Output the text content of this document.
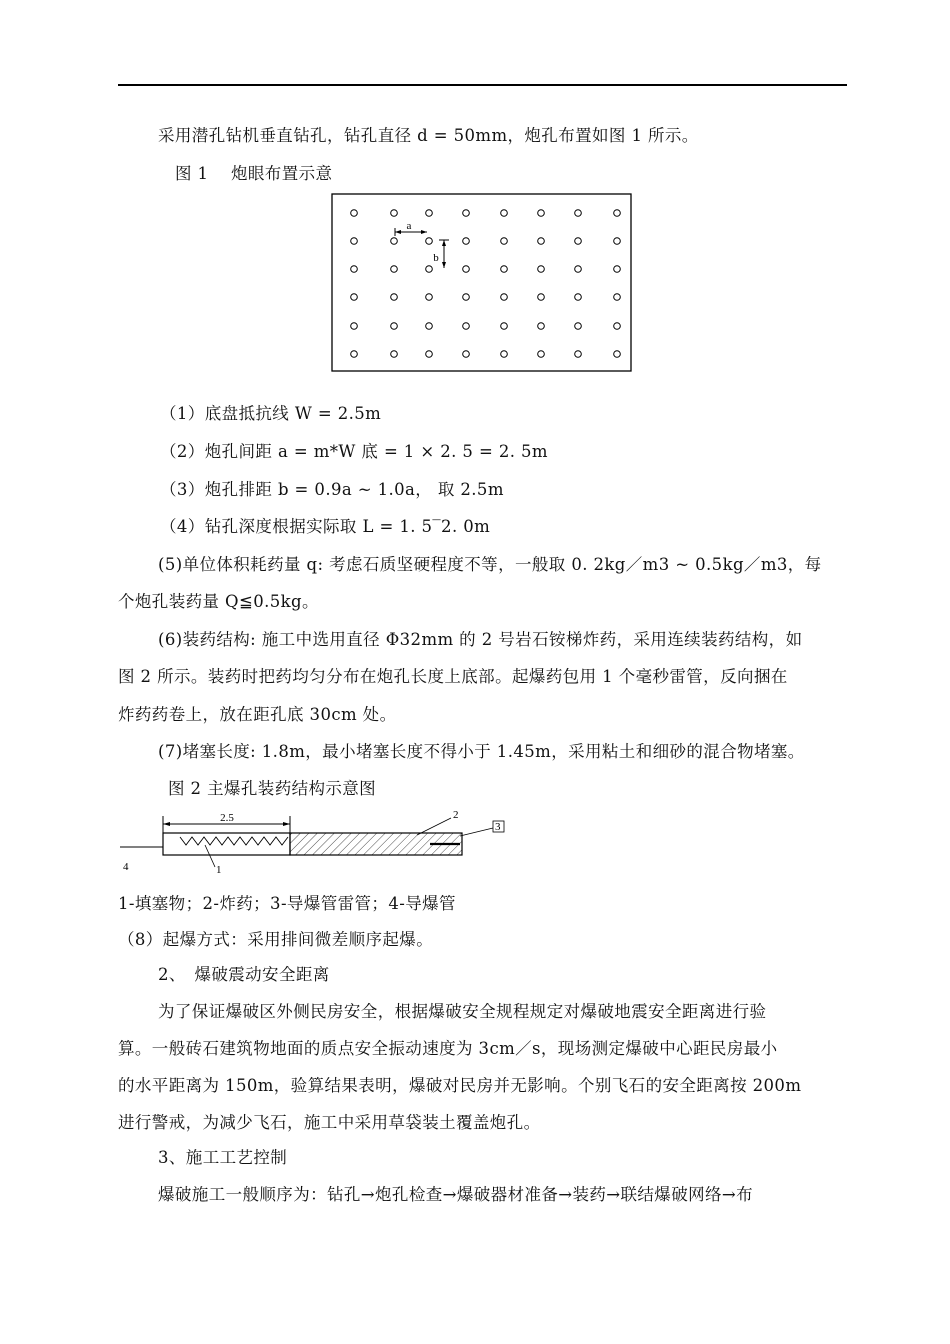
采用潜孔钻机垂直钻孔，钻孔直径 d = 50mm，炮孔布置如图 1 所示。
图 1　 炮眼布置示意
a
b
（1）底盘抵抗线 W = 2.5m
（2）炮孔间距 a = m*W 底 = 1 × 2. 5 = 2. 5m
（3）炮孔排距 b = 0.9a ~ 1.0a， 取 2.5m
（4）钻孔深度根据实际取 L = 1. 5‾2. 0m
(5)单位体积耗药量 q: 考虑石质坚硬程度不等，一般取 0. 2kg／m3 ~ 0.5kg／m3，每
个炮孔装药量 Q≦0.5kg。
(6)装药结构: 施工中选用直径 Φ32mm 的 2 号岩石铵梯炸药，采用连续装药结构，如
图 2 所示。装药时把药均匀分布在炮孔长度上底部。起爆药包用 1 个毫秒雷管，反向捆在
炸药药卷上，放在距孔底 30cm 处。
(7)堵塞长度: 1.8m，最小堵塞长度不得小于 1.45m，采用粘土和细砂的混合物堵塞。
图 2 主爆孔装药结构示意图
2.5	2
3
1
4
1-填塞物；2-炸药；3-导爆管雷管；4-导爆管
（8）起爆方式：采用排间微差顺序起爆。
2、　爆破震动安全距离
为了保证爆破区外侧民房安全，根据爆破安全规程规定对爆破地震安全距离进行验
算。一般砖石建筑物地面的质点安全振动速度为 3cm／s，现场测定爆破中心距民房最小
的水平距离为 150m，验算结果表明，爆破对民房并无影响。个别飞石的安全距离按 200m
进行警戒，为减少飞石，施工中采用草袋装土覆盖炮孔。
3、施工工艺控制
爆破施工一般顺序为：钻孔→炮孔检查→爆破器材准备→装药→联结爆破网络→布
